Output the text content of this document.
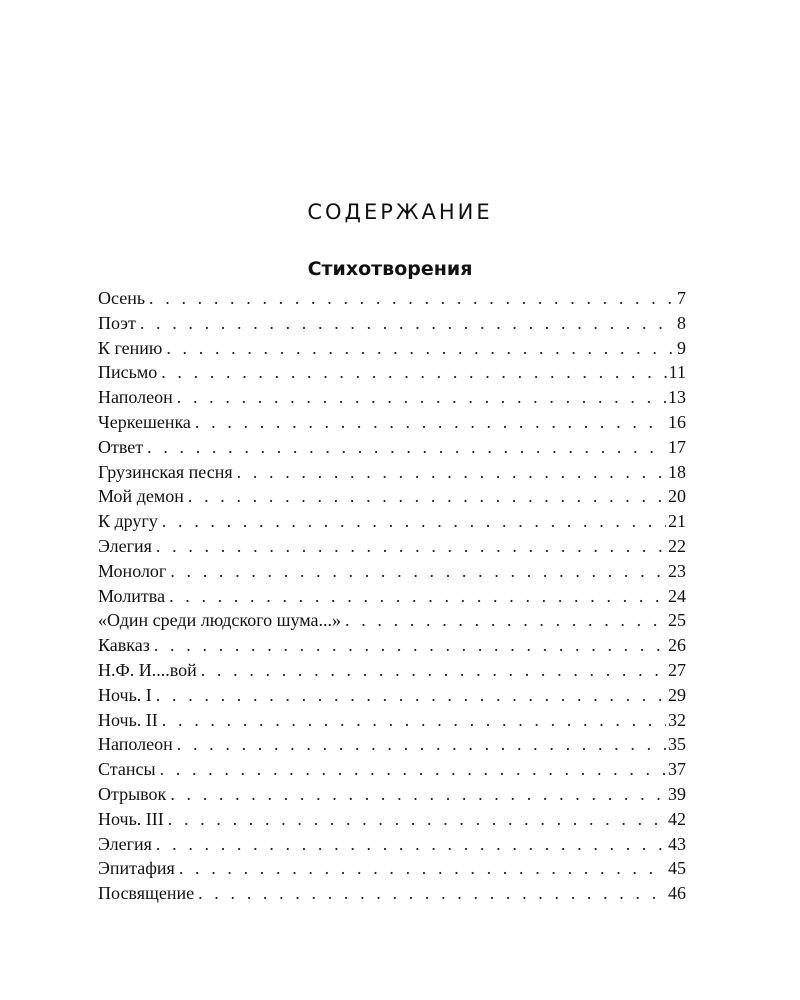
СОДЕРЖАНИЕ
Стихотворения
Осень . . .	7
Поэт . . .	8
К гению . . .	9
Письмо . . .	11
Наполеон . . .	13
Черкешенка . . .	16
Ответ . . .	17
Грузинская песня . . .	18
Мой демон . . .	20
К другу . . .	21
Элегия . . .	22
Монолог . . .	23
Молитва . . .	24
«Один среди людского шума...» . . .	25
Кавказ . . .	26
Н.Ф. И....вой . . .	27
Ночь. I . . .	29
Ночь. II . . .	32
Наполеон . . .	35
Стансы . . .	37
Отрывок . . .	39
Ночь. III . . .	42
Элегия . . .	43
Эпитафия . . .	45
Посвящение . . .	46
